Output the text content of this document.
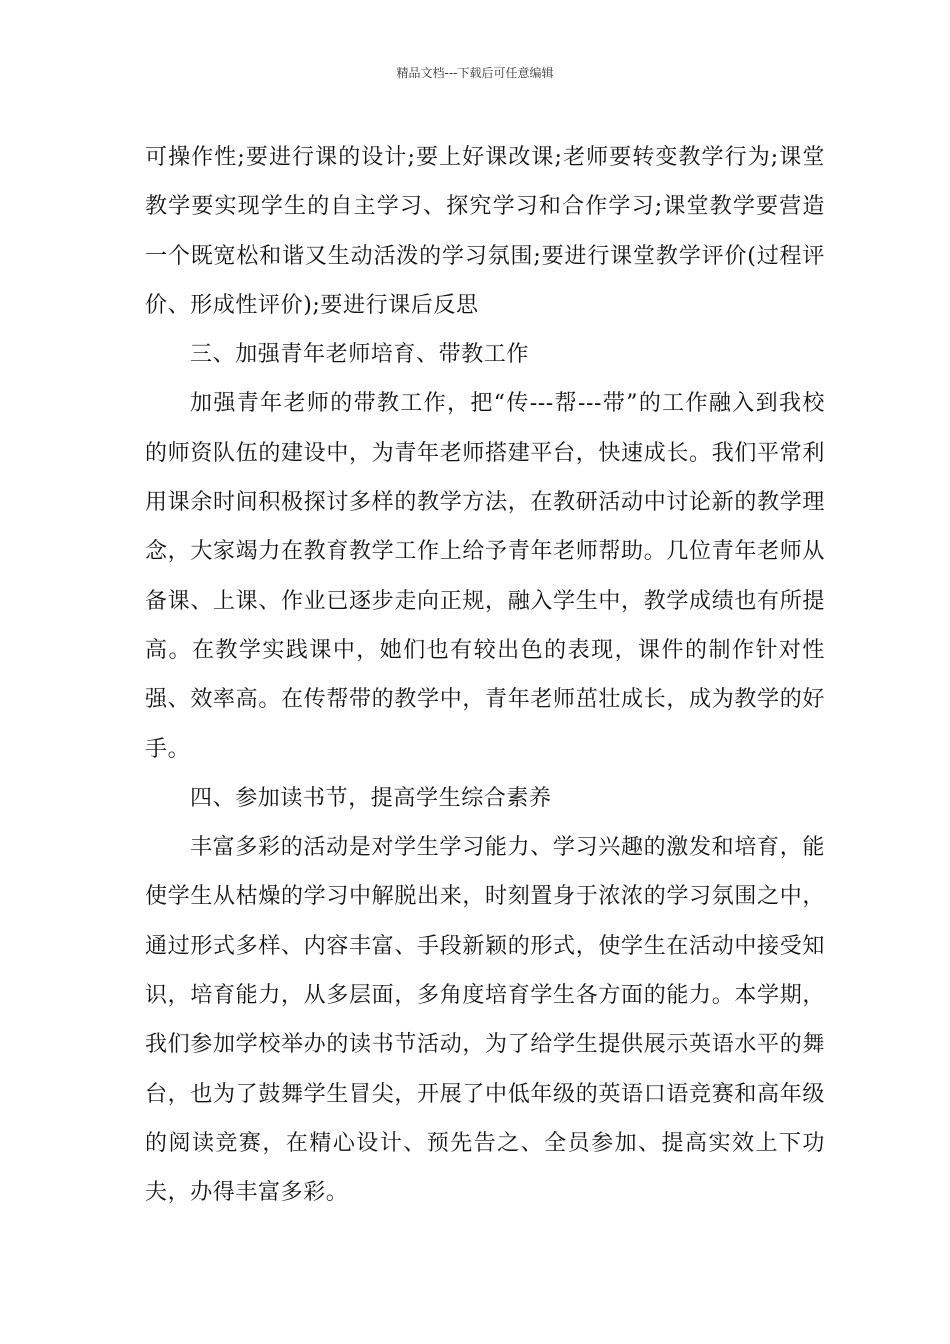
精品文档---下载后可任意编辑

可操作性;要进行课的设计;要上好课改课;老师要转变教学行为;课堂教学要实现学生的自主学习、探究学习和合作学习;课堂教学要营造一个既宽松和谐又生动活泼的学习氛围;要进行课堂教学评价(过程评价、形成性评价);要进行课后反思

三、加强青年老师培育、带教工作

加强青年老师的带教工作，把“传---帮---带”的工作融入到我校的师资队伍的建设中，为青年老师搭建平台，快速成长。我们平常利用课余时间积极探讨多样的教学方法，在教研活动中讨论新的教学理念，大家竭力在教育教学工作上给予青年老师帮助。几位青年老师从备课、上课、作业已逐步走向正规，融入学生中，教学成绩也有所提高。在教学实践课中，她们也有较出色的表现，课件的制作针对性强、效率高。在传帮带的教学中，青年老师茁壮成长，成为教学的好手。

四、参加读书节，提高学生综合素养

丰富多彩的活动是对学生学习能力、学习兴趣的激发和培育，能使学生从枯燥的学习中解脱出来，时刻置身于浓浓的学习氛围之中，通过形式多样、内容丰富、手段新颖的形式，使学生在活动中接受知识，培育能力，从多层面，多角度培育学生各方面的能力。本学期，我们参加学校举办的读书节活动，为了给学生提供展示英语水平的舞台，也为了鼓舞学生冒尖，开展了中低年级的英语口语竞赛和高年级的阅读竞赛，在精心设计、预先告之、全员参加、提高实效上下功夫，办得丰富多彩。
